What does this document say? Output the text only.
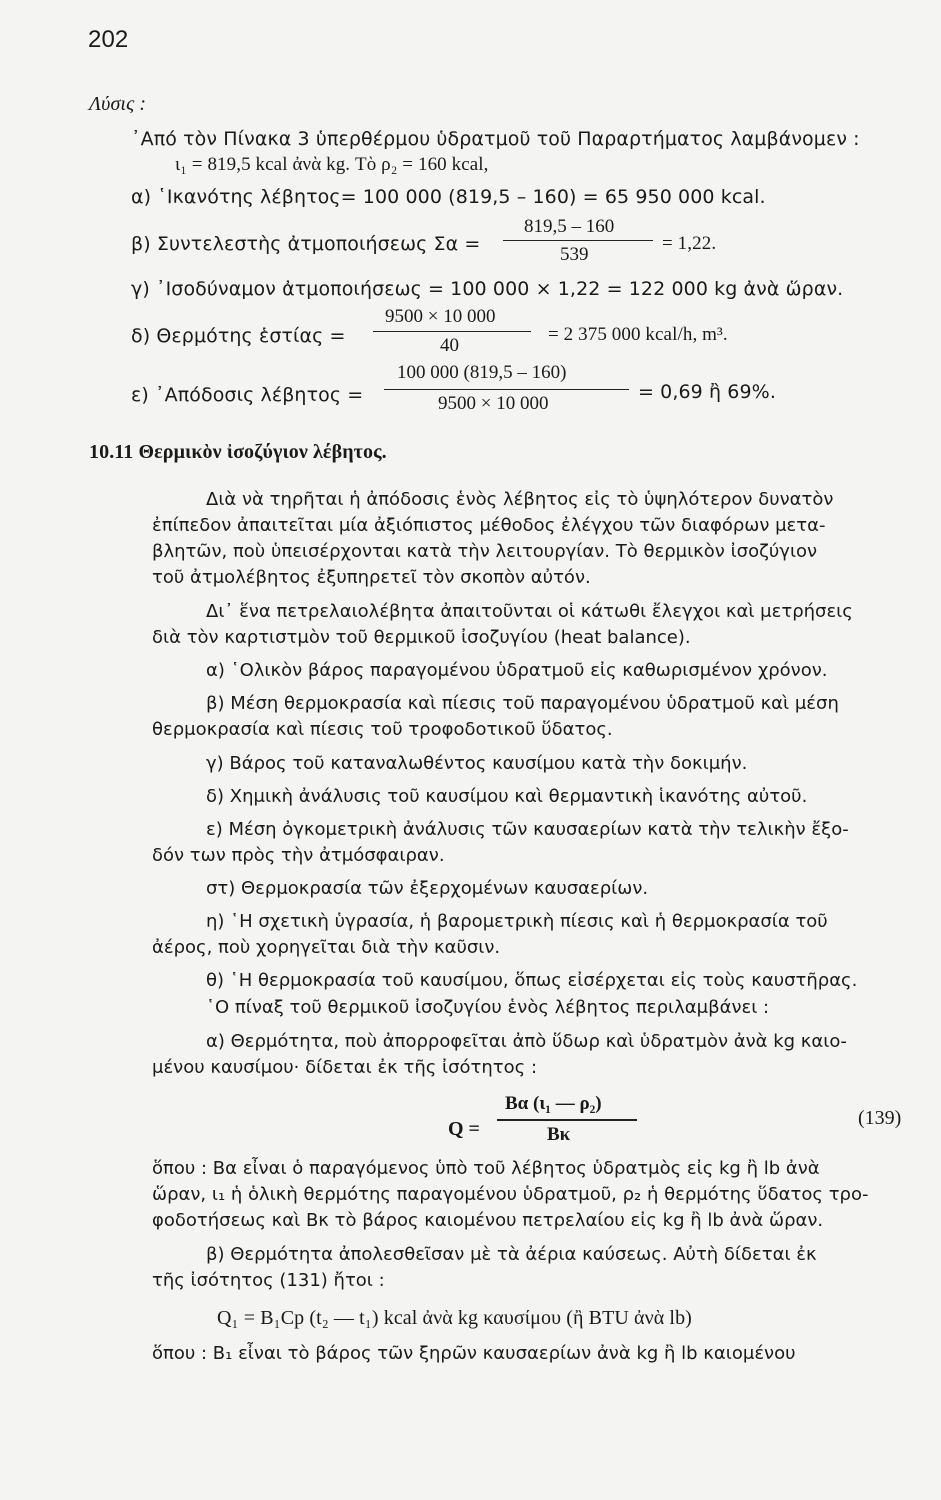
202
Λύσις :
᾿Από τὸν Πίνακα 3 ὑπερθέρμου ὑδρατμοῦ τοῦ Παραρτήματος λαμβάνομεν :
ι₁ = 819,5 kcal ἀνὰ kg. Τὸ ρ₂ = 160 kcal,
α) ῾Ικανότης λέβητος= 100 000 (819,5 – 160) = 65 950 000 kcal.
β) Συντελεστὴς ἀτμοποιήσεως Σα =
819,5 – 160
539
= 1,22.
γ) ᾿Ισοδύναμον ἀτμοποιήσεως = 100 000 × 1,22 = 122 000 kg ἀνὰ ὥραν.
δ) Θερμότης ἑστίας =
9500 × 10 000
40
= 2 375 000 kcal/h, m³.
ε) ᾿Απόδοσις λέβητος =
100 000 (819,5 – 160)
9500 × 10 000
= 0,69 ἢ 69%.
10.11 Θερμικὸν ἰσοζύγιον λέβητος.
Διὰ νὰ τηρῆται ἡ ἀπόδοσις ἑνὸς λέβητος εἰς τὸ ὑψηλότερον δυνατὸν
ἐπίπεδον ἀπαιτεῖται μία ἀξιόπιστος μέθοδος ἐλέγχου τῶν διαφόρων μετα-
βλητῶν, ποὺ ὑπεισέρχονται κατὰ τὴν λειτουργίαν. Τὸ θερμικὸν ἰσοζύγιον
τοῦ ἀτμολέβητος ἐξυπηρετεῖ τὸν σκοπὸν αὐτόν.
Δι᾿ ἕνα πετρελαιολέβητα ἀπαιτοῦνται οἱ κάτωθι ἔλεγχοι καὶ μετρήσεις
διὰ τὸν καρτιστμὸν τοῦ θερμικοῦ ἰσοζυγίου (heat balance).
α) ῾Ολικὸν βάρος παραγομένου ὑδρατμοῦ εἰς καθωρισμένον χρόνον.
β) Μέση θερμοκρασία καὶ πίεσις τοῦ παραγομένου ὑδρατμοῦ καὶ μέση
θερμοκρασία καὶ πίεσις τοῦ τροφοδοτικοῦ ὕδατος.
γ) Βάρος τοῦ καταναλωθέντος καυσίμου κατὰ τὴν δοκιμήν.
δ) Χημικὴ ἀνάλυσις τοῦ καυσίμου καὶ θερμαντικὴ ἱκανότης αὐτοῦ.
ε) Μέση ὀγκομετρικὴ ἀνάλυσις τῶν καυσαερίων κατὰ τὴν τελικὴν ἔξο-
δόν των πρὸς τὴν ἀτμόσφαιραν.
στ) Θερμοκρασία τῶν ἐξερχομένων καυσαερίων.
η) ῾Η σχετικὴ ὑγρασία, ἡ βαρομετρικὴ πίεσις καὶ ἡ θερμοκρασία τοῦ
ἀέρος, ποὺ χορηγεῖται διὰ τὴν καῦσιν.
θ) ῾Η θερμοκρασία τοῦ καυσίμου, ὅπως εἰσέρχεται εἰς τοὺς καυστῆρας.
῾Ο πίναξ τοῦ θερμικοῦ ἰσοζυγίου ἑνὸς λέβητος περιλαμβάνει :
α) Θερμότητα, ποὺ ἀπορροφεῖται ἀπὸ ὕδωρ καὶ ὑδρατμὸν ἀνὰ kg καιο-
μένου καυσίμου· δίδεται ἐκ τῆς ἰσότητος :
Q =
Bα (ι₁ — ρ₂)
Bκ
(139)
ὅπου : Bα εἶναι ὁ παραγόμενος ὑπὸ τοῦ λέβητος ὑδρατμὸς εἰς kg ἢ lb ἀνὰ
ὥραν, ι₁ ἡ ὁλικὴ θερμότης παραγομένου ὑδρατμοῦ, ρ₂ ἡ θερμότης ὕδατος τρο-
φοδοτήσεως καὶ Bκ τὸ βάρος καιομένου πετρελαίου εἰς kg ἢ lb ἀνὰ ὥραν.
β) Θερμότητα ἀπολεσθεῖσαν μὲ τὰ ἀέρια καύσεως. Αὐτὴ δίδεται ἐκ
τῆς ἰσότητος (131) ἤτοι :
Q₁ = B₁Cp (t₂ — t₁) kcal ἀνὰ kg καυσίμου (ἢ BTU ἀνὰ lb)
ὅπου : B₁ εἶναι τὸ βάρος τῶν ξηρῶν καυσαερίων ἀνὰ kg ἢ lb καιομένου
